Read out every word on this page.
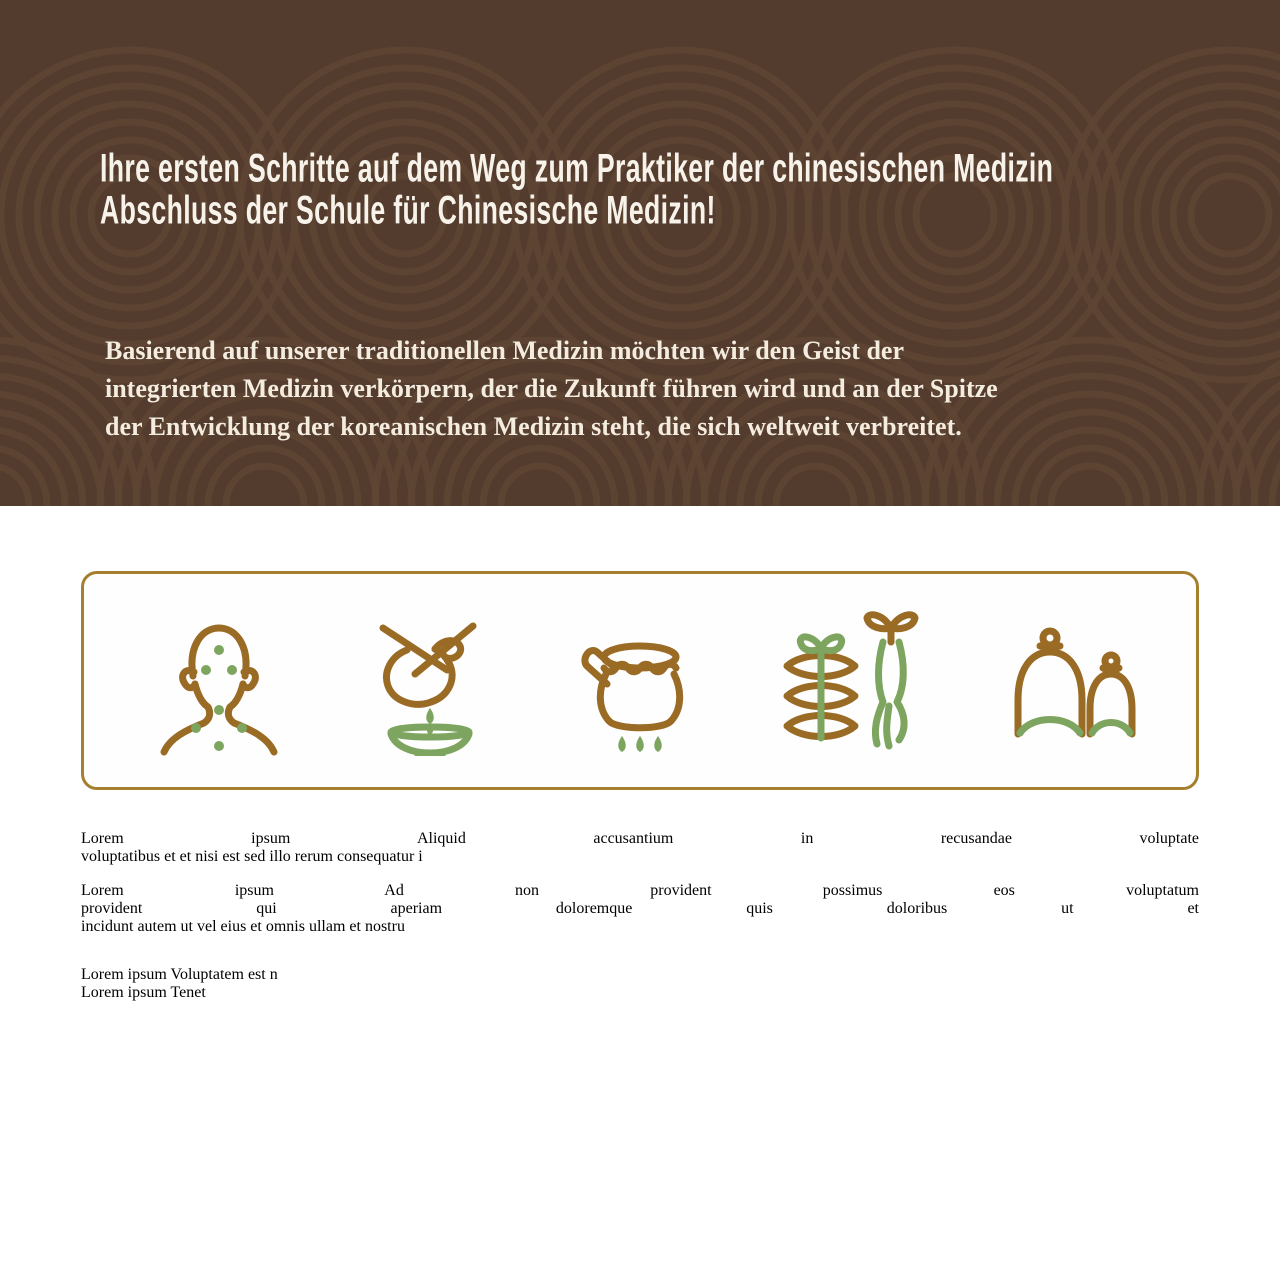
Ihre ersten Schritte auf dem Weg zum Praktiker der chinesischen Medizin
Abschluss der Schule für Chinesische Medizin!

Basierend auf unserer traditionellen Medizin möchten wir den Geist der
integrierten Medizin verkörpern, der die Zukunft führen wird und an der Spitze
der Entwicklung der koreanischen Medizin steht, die sich weltweit verbreitet.

Lorem ipsum Aliquid accusantium in recusandae voluptate
voluptatibus et et nisi est sed illo rerum consequatur i

Lorem ipsum Ad non provident possimus eos voluptatum
provident qui aperiam doloremque quis doloribus ut et
incidunt autem ut vel eius et omnis ullam et nostru

Lorem ipsum Voluptatem est n
Lorem ipsum Tenet
